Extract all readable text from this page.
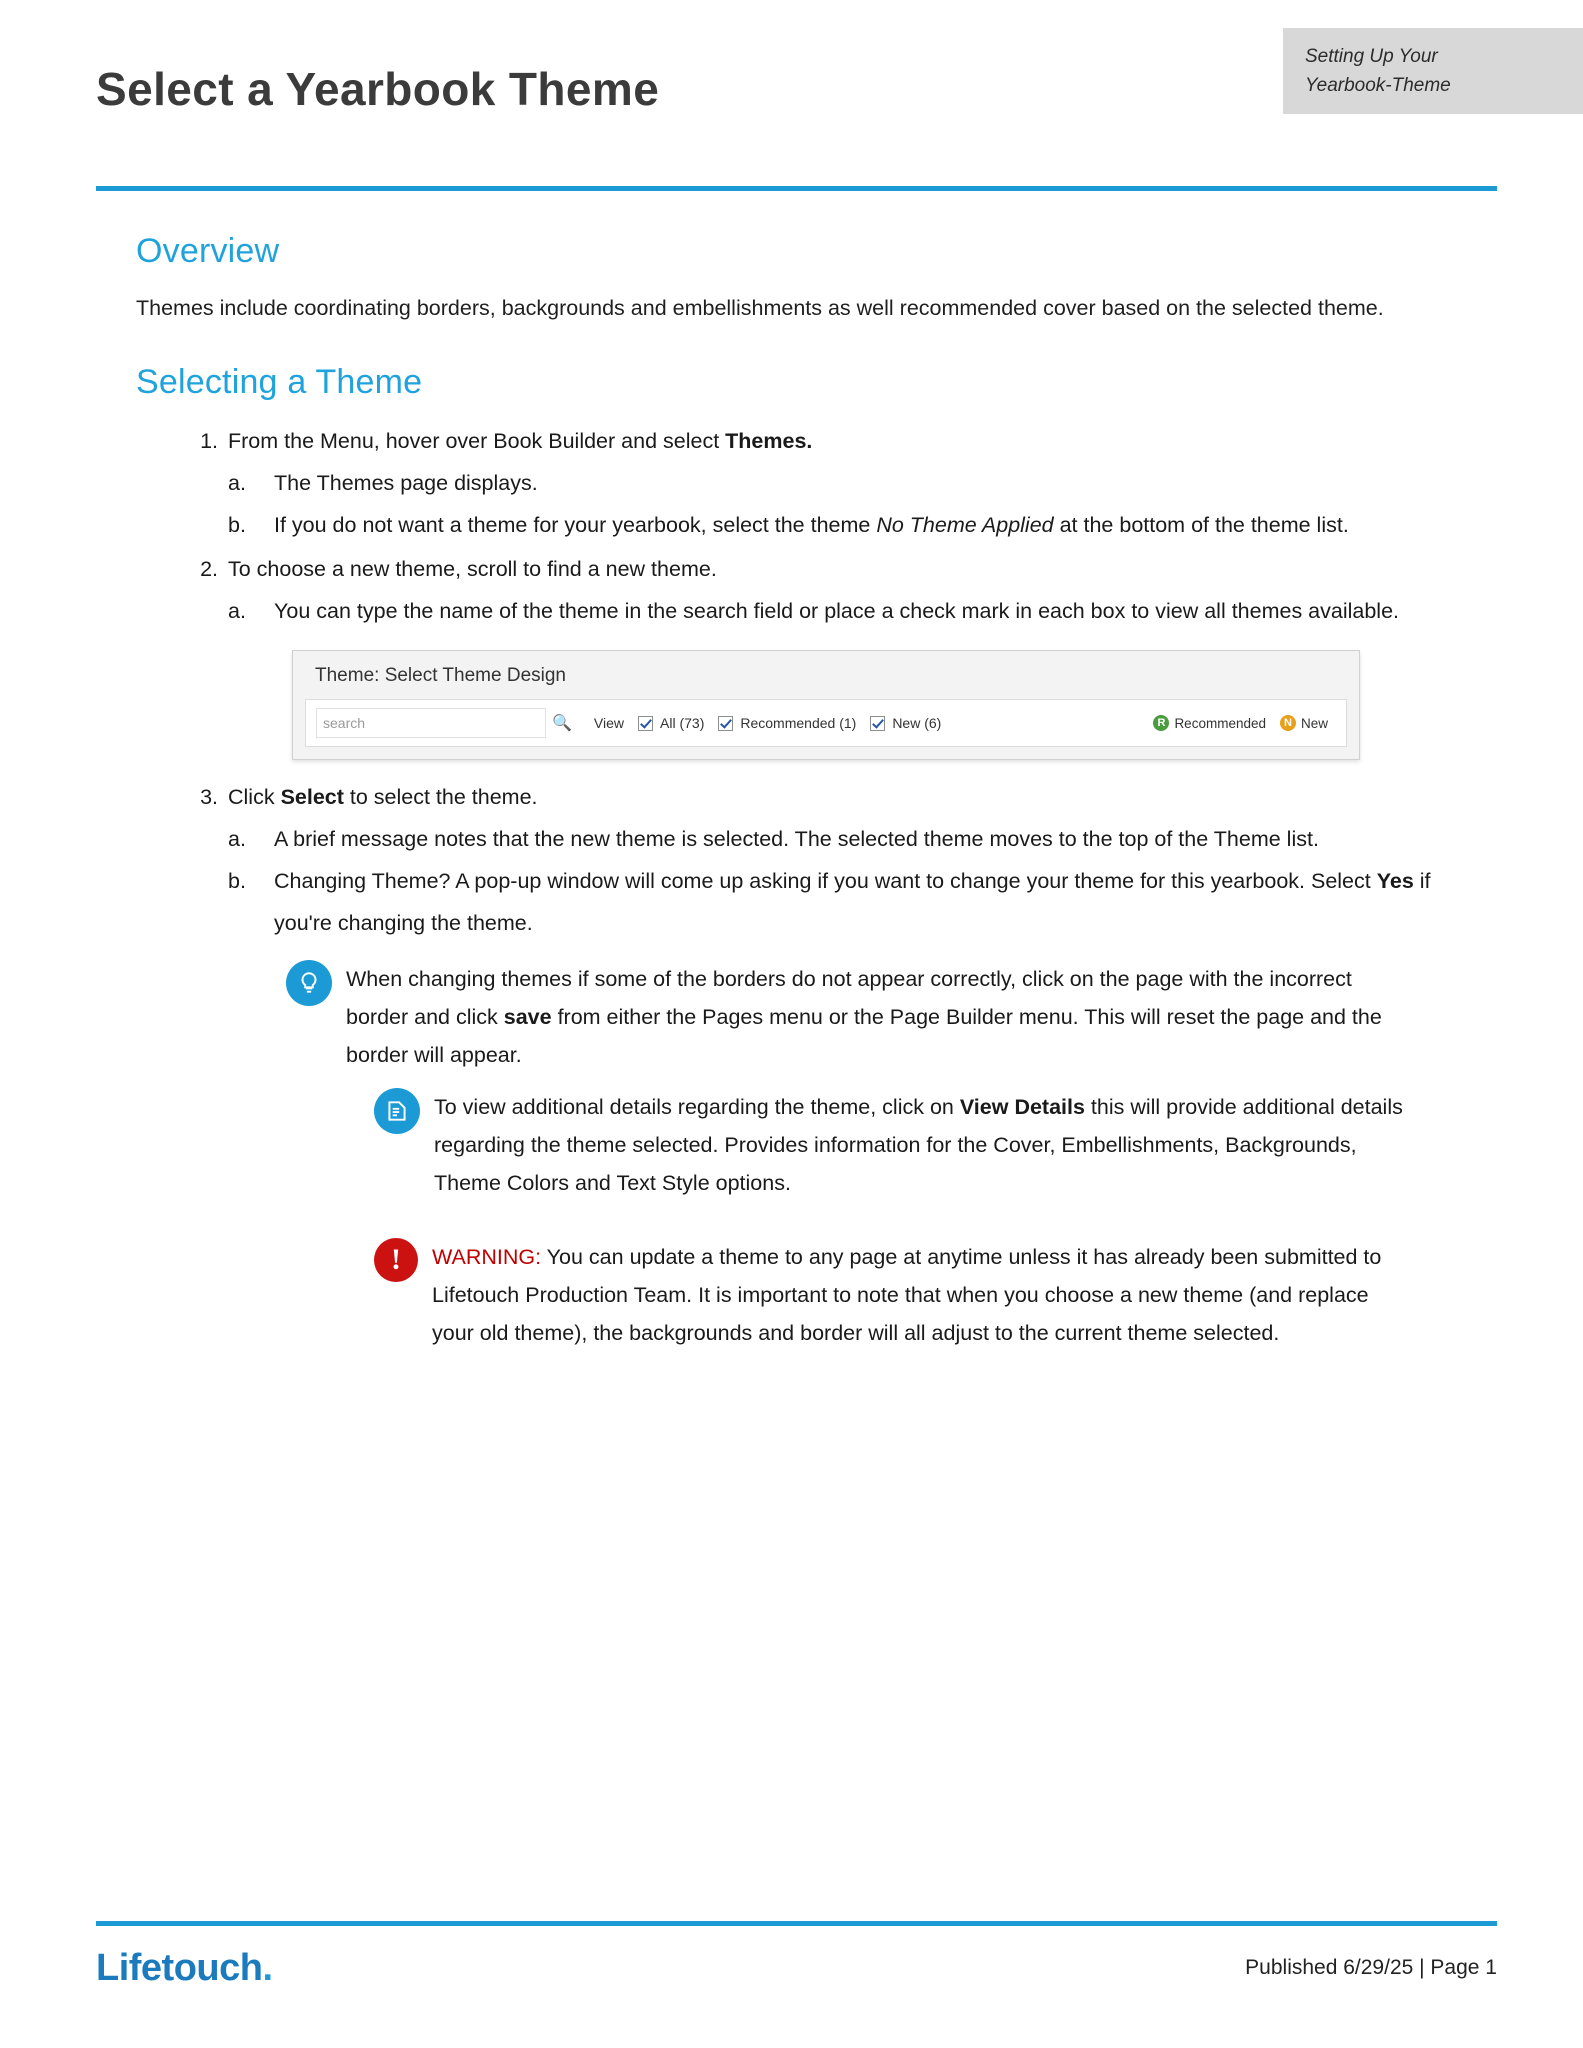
Setting Up Your
Yearbook-Theme
Select a Yearbook Theme
Overview

Themes include coordinating borders, backgrounds and embellishments as well recommended cover based on the selected theme.

Selecting a Theme
1. From the Menu, hover over Book Builder and select Themes.
a.	The Themes page displays.
b.	If you do not want a theme for your yearbook, select the theme No Theme Applied at the bottom of the theme list.
2. To choose a new theme, scroll to find a new theme.
a.	You can type the name of the theme in the search field or place a check mark in each box to view all themes available.
Theme: Select Theme Design
search	🔍 View	All (73)	Recommended (1)	New (6)	R Recommended	N New
3. Click Select to select the theme.
a.	A brief message notes that the new theme is selected. The selected theme moves to the top of the Theme list.
b.	Changing Theme? A pop-up window will come up asking if you want to change your theme for this yearbook. Select Yes if you're changing the theme.
When changing themes if some of the borders do not appear correctly, click on the page with the incorrect border and click save from either the Pages menu or the Page Builder menu. This will reset the page and the border will appear.
To view additional details regarding the theme, click on View Details this will provide additional details regarding the theme selected. Provides information for the Cover, Embellishments, Backgrounds, Theme Colors and Text Style options.
!	WARNING: You can update a theme to any page at anytime unless it has already been submitted to Lifetouch Production Team. It is important to note that when you choose a new theme (and replace your old theme), the backgrounds and border will all adjust to the current theme selected.
Lifetouch.	Published 6/29/25 | Page 1
